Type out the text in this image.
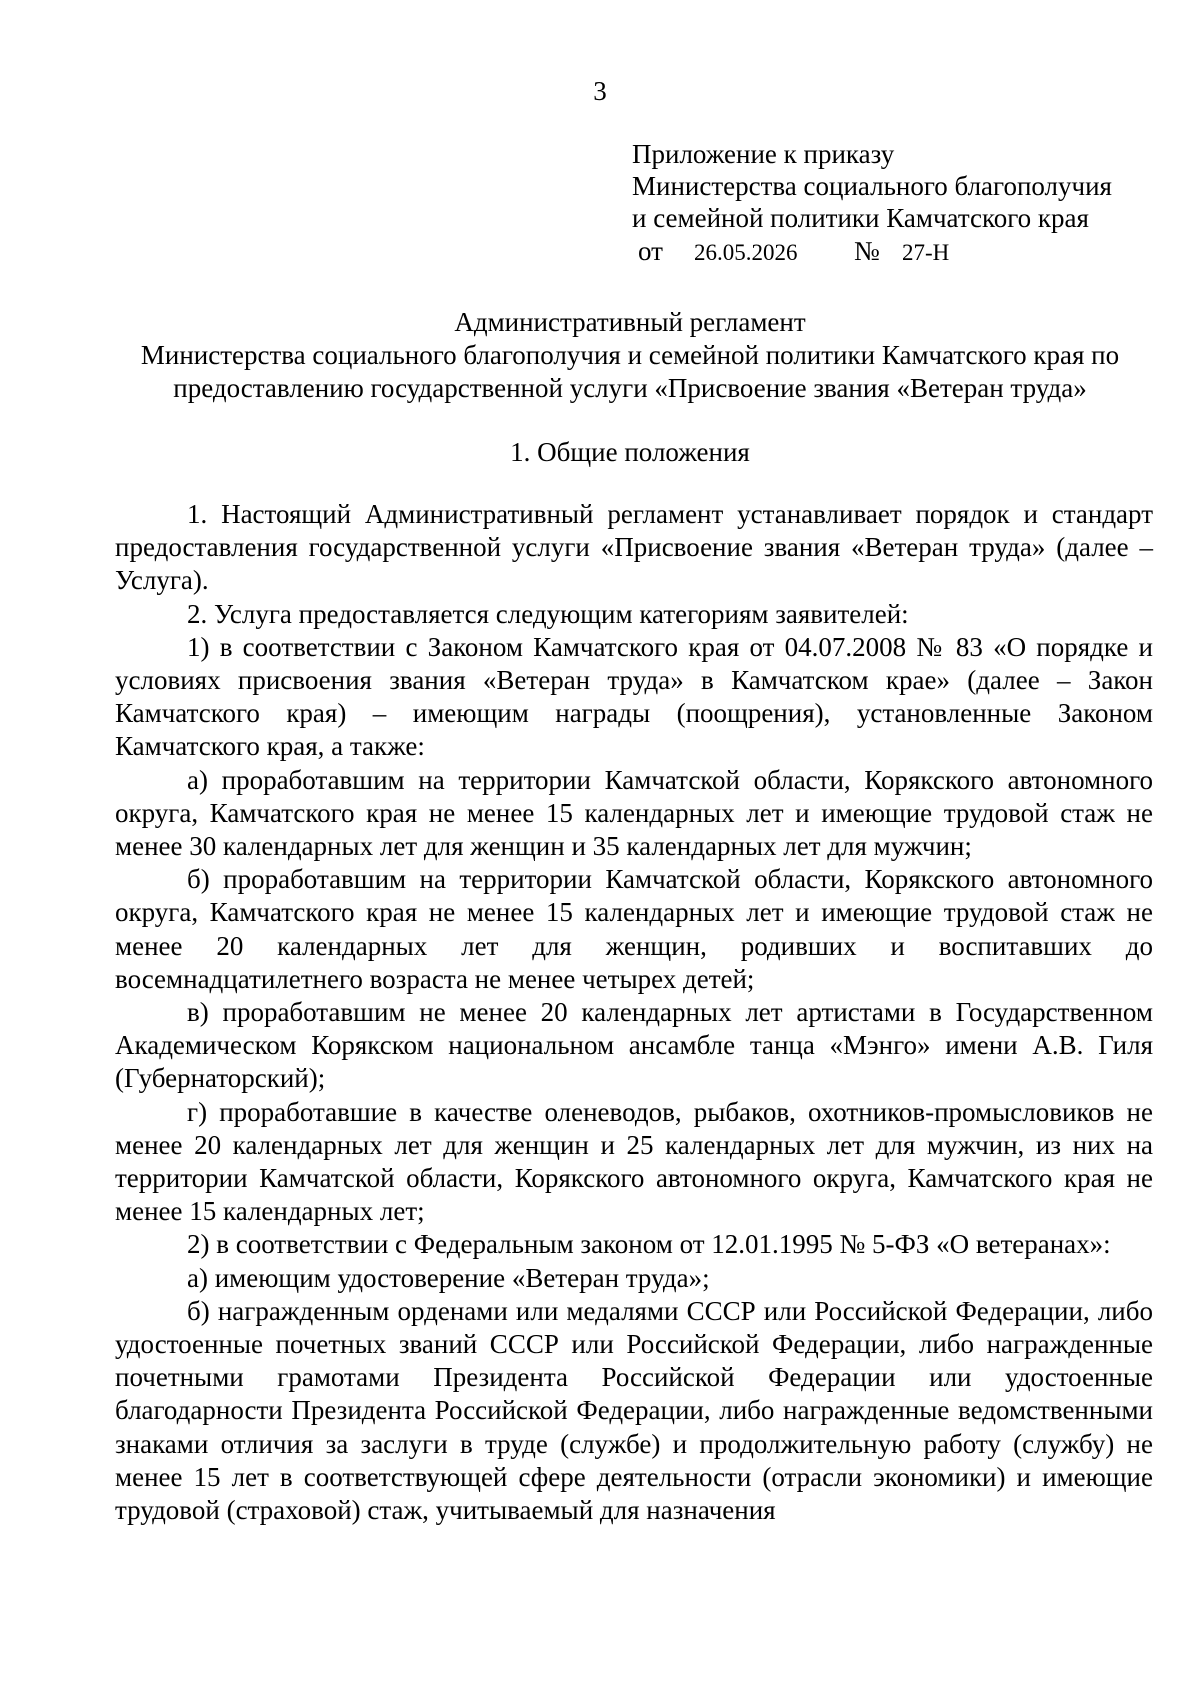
3
Приложение к приказу
Министерства социального благополучия
и семейной политики Камчатского края
от 26.05.2026 № 27-Н
Административный регламент
Министерства социального благополучия и семейной политики Камчатского края по
предоставлению государственной услуги «Присвоение звания «Ветеран труда»
1. Общие положения

1. Настоящий Административный регламент устанавливает порядок и стандарт предоставления государственной услуги «Присвоение звания «Ветеран труда» (далее – Услуга).

2. Услуга предоставляется следующим категориям заявителей:

1) в соответствии с Законом Камчатского края от 04.07.2008 № 83 «О порядке и условиях присвоения звания «Ветеран труда» в Камчатском крае» (далее – Закон Камчатского края) – имеющим награды (поощрения), установленные Законом Камчатского края, а также:

а) проработавшим на территории Камчатской области, Корякского автономного округа, Камчатского края не менее 15 календарных лет и имеющие трудовой стаж не менее 30 календарных лет для женщин и 35 календарных лет для мужчин;

б) проработавшим на территории Камчатской области, Корякского автономного округа, Камчатского края не менее 15 календарных лет и имеющие трудовой стаж не менее 20 календарных лет для женщин, родивших и воспитавших до восемнадцатилетнего возраста не менее четырех детей;

в) проработавшим не менее 20 календарных лет артистами в Государственном Академическом Корякском национальном ансамбле танца «Мэнго» имени А.В. Гиля (Губернаторский);

г) проработавшие в качестве оленеводов, рыбаков, охотников-промысловиков не менее 20 календарных лет для женщин и 25 календарных лет для мужчин, из них на территории Камчатской области, Корякского автономного округа, Камчатского края не менее 15 календарных лет;

2) в соответствии с Федеральным законом от 12.01.1995 № 5-ФЗ «О ветеранах»:

а) имеющим удостоверение «Ветеран труда»;

б) награжденным орденами или медалями СССР или Российской Федерации, либо удостоенные почетных званий СССР или Российской Федерации, либо награжденные почетными грамотами Президента Российской Федерации или удостоенные благодарности Президента Российской Федерации, либо награжденные ведомственными знаками отличия за заслуги в труде (службе) и продолжительную работу (службу) не менее 15 лет в соответствующей сфере деятельности (отрасли экономики) и имеющие трудовой (страховой) стаж, учитываемый для назначения
